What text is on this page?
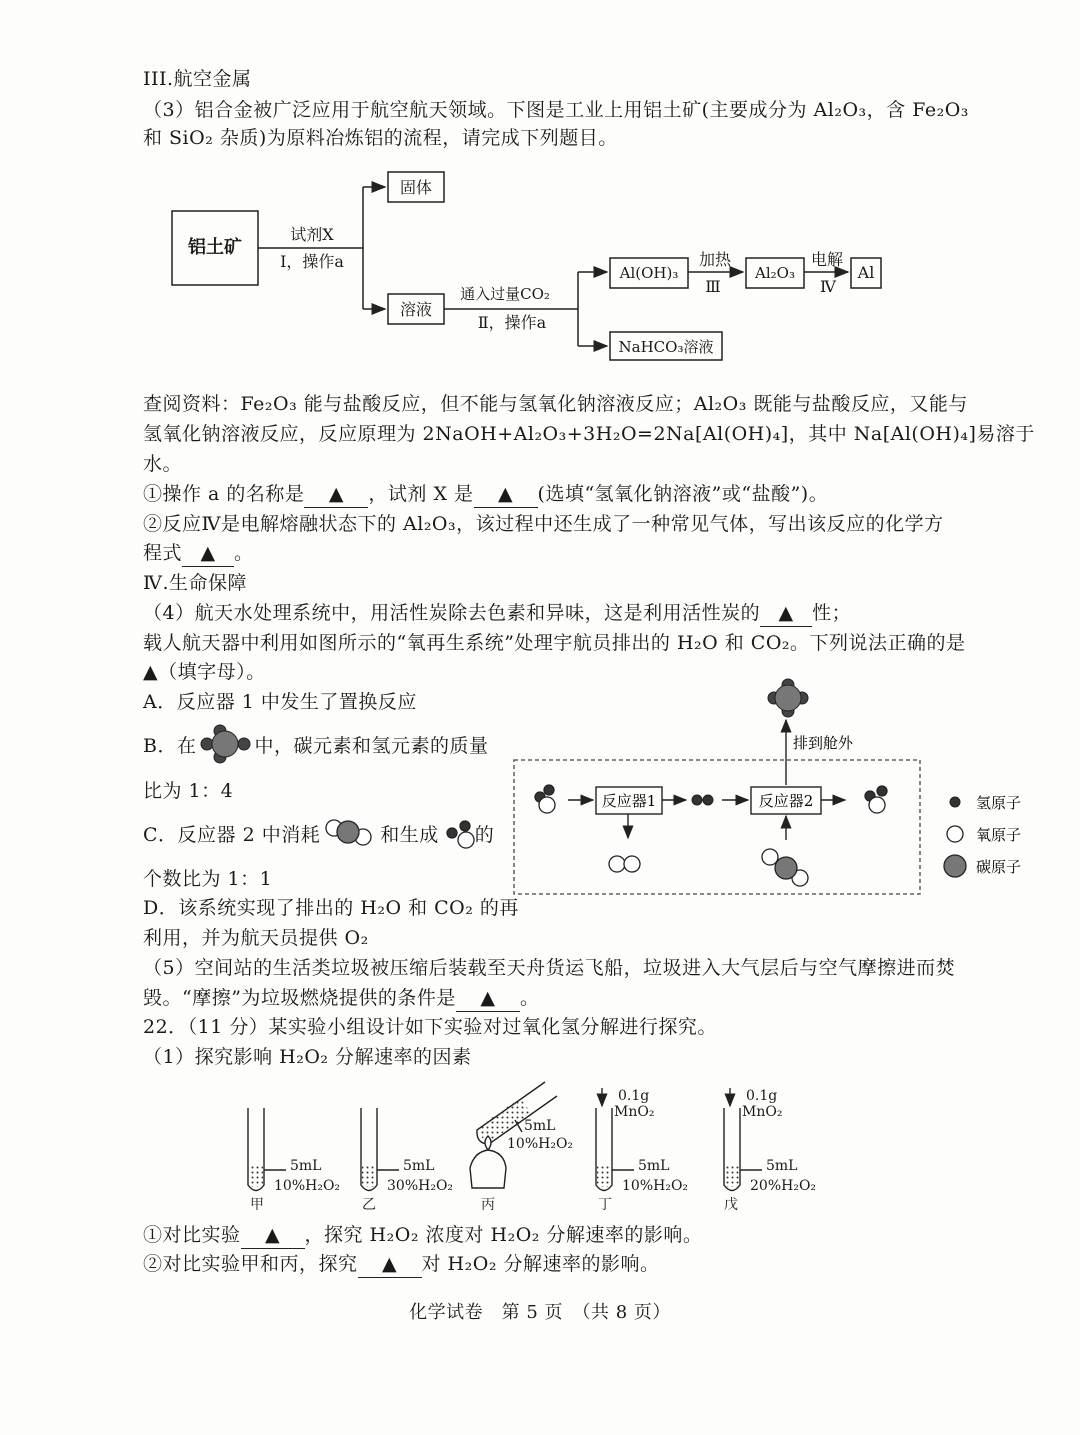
III.航空金属
（3）铝合金被广泛应用于航空航天领域。下图是工业上用铝土矿(主要成分为 Al₂O₃，含 Fe₂O₃
和 SiO₂ 杂质)为原料冶炼铝的流程，请完成下列题目。
铝土矿
试剂X
Ⅰ，操作a
固体
溶液
通入过量CO₂
Ⅱ，操作a
Al(OH)₃
加热
Ⅲ
Al₂O₃
电解
Ⅳ
Al
NaHCO₃溶液
查阅资料：Fe₂O₃ 能与盐酸反应，但不能与氢氧化钠溶液反应；Al₂O₃ 既能与盐酸反应，又能与
氢氧化钠溶液反应，反应原理为 2NaOH+Al₂O₃+3H₂O=2Na[Al(OH)₄]，其中 Na[Al(OH)₄]易溶于
水。
①操作 a 的名称是 ▲ ，试剂 X 是 ▲ (选填“氢氧化钠溶液”或“盐酸”)。
②反应Ⅳ是电解熔融状态下的 Al₂O₃，该过程中还生成了一种常见气体，写出该反应的化学方
程式 ▲ 。
Ⅳ.生命保障
（4）航天水处理系统中，用活性炭除去色素和异味，这是利用活性炭的 ▲ 性；
载人航天器中利用如图所示的“氧再生系统”处理宇航员排出的 H₂O 和 CO₂。下列说法正确的是
▲（填字母）。
A．反应器 1 中发生了置换反应
B．在	中，碳元素和氢元素的质量
比为 1：4
C．反应器 2 中消耗	和生成 的
个数比为 1：1
D．该系统实现了排出的 H₂O 和 CO₂ 的再
利用，并为航天员提供 O₂
排到舱外
反应器1	反应器2	氢原子
氧原子
碳原子
（5）空间站的生活类垃圾被压缩后装载至天舟货运飞船，垃圾进入大气层后与空气摩擦进而焚
毁。“摩擦”为垃圾燃烧提供的条件是 ▲ 。
22．（11 分）某实验小组设计如下实验对过氧化氢分解进行探究。
（1）探究影响 H₂O₂ 分解速率的因素
5mL
10%H₂O₂
甲
5mL
30%H₂O₂
乙
5mL
10%H₂O₂
丙
0.1g
MnO₂
5mL
10%H₂O₂
丁
0.1g
MnO₂
5mL
20%H₂O₂
戊
①对比实验 ▲ ，探究 H₂O₂ 浓度对 H₂O₂ 分解速率的影响。
②对比实验甲和丙，探究 ▲ 对 H₂O₂ 分解速率的影响。
化学试卷　第 5 页　（共 8 页）
